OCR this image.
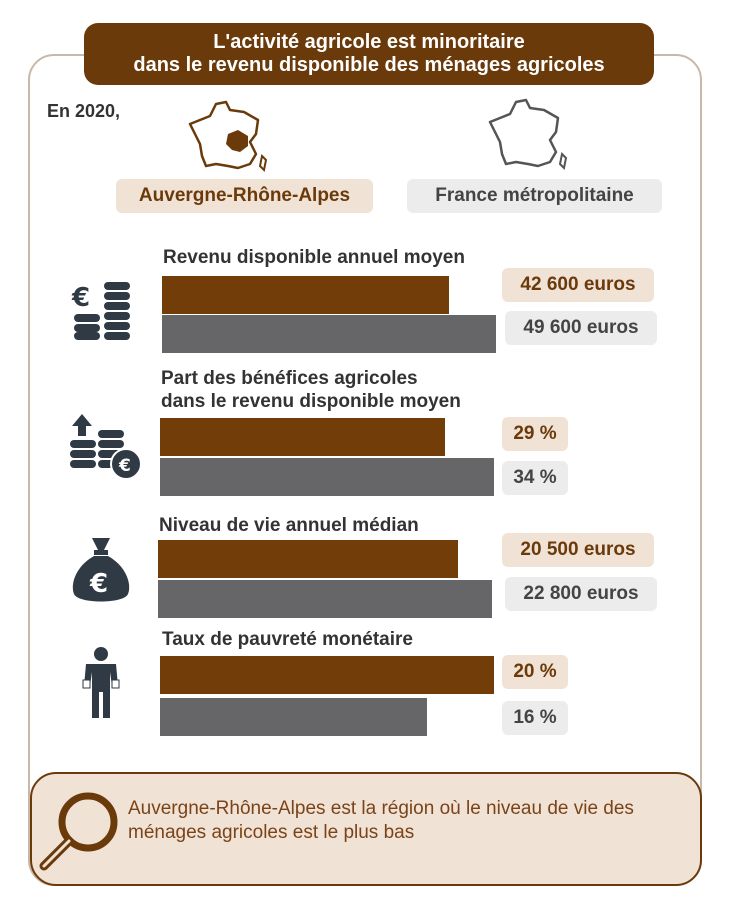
L'activité agricole est minoritaire
dans le revenu disponible des ménages agricoles
En 2020,
Auvergne-Rhône-Alpes	France métropolitaine
Revenu disponible annuel moyen
42 600 euros
49 600 euros
Part des bénéfices agricoles
dans le revenu disponible moyen
29 %
34 %
Niveau de vie annuel médian
20 500 euros
22 800 euros
Taux de pauvreté monétaire
20 %
16 %
€
€
€
Auvergne-Rhône-Alpes est la région où le niveau de vie des ménages agricoles est le plus bas
